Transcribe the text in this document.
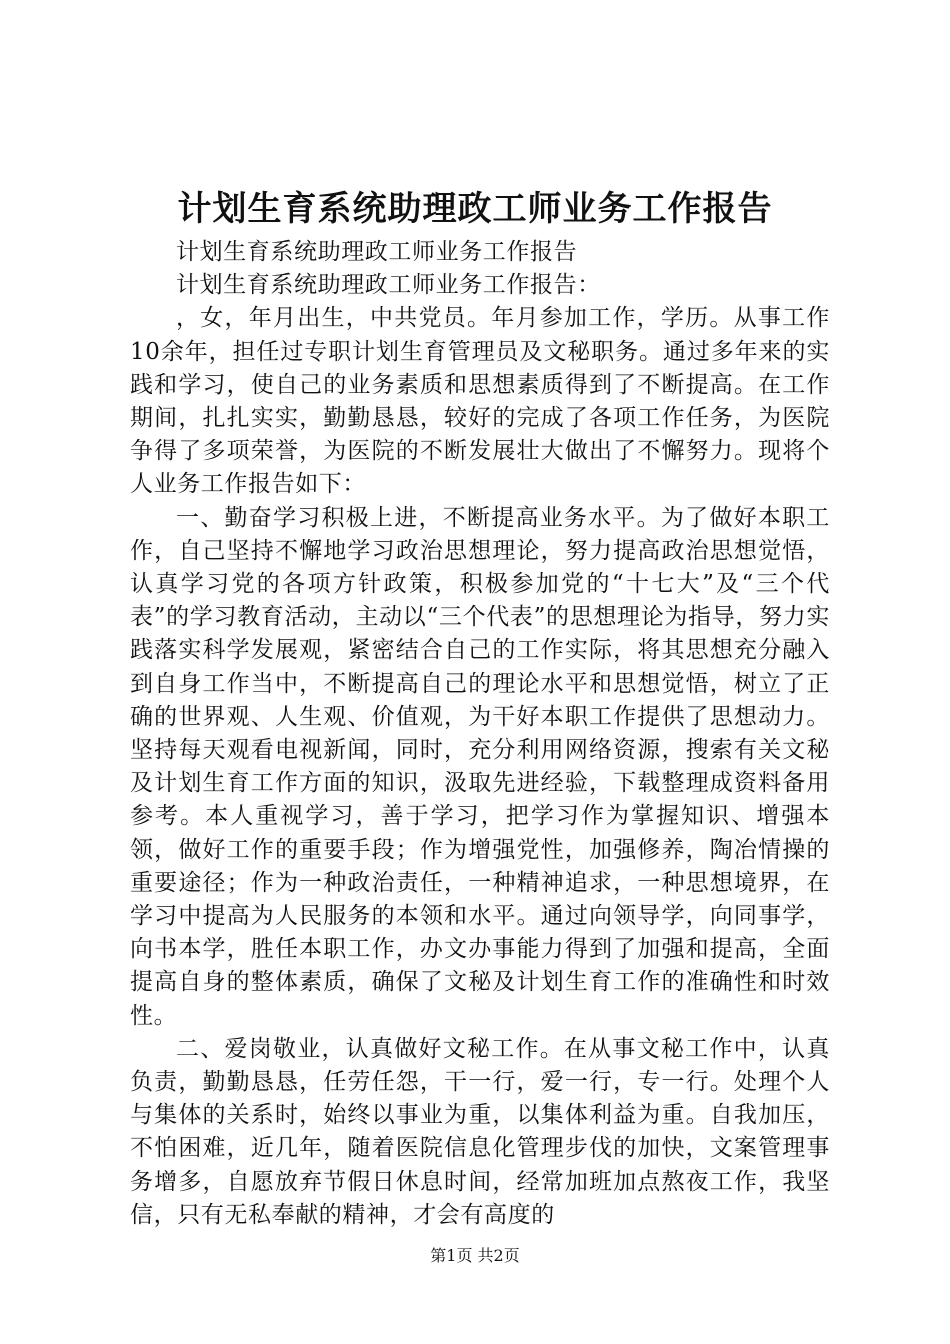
计划生育系统助理政工师业务工作报告

计划生育系统助理政工师业务工作报告

计划生育系统助理政工师业务工作报告：

，女，年月出生，中共党员。年月参加工作，学历。从事工作10余年，担任过专职计划生育管理员及文秘职务。通过多年来的实践和学习，使自己的业务素质和思想素质得到了不断提高。在工作期间，扎扎实实，勤勤恳恳，较好的完成了各项工作任务，为医院争得了多项荣誉，为医院的不断发展壮大做出了不懈努力。现将个人业务工作报告如下：

一、勤奋学习积极上进，不断提高业务水平。为了做好本职工作，自己坚持不懈地学习政治思想理论，努力提高政治思想觉悟，认真学习党的各项方针政策，积极参加党的“十七大”及“三个代表”的学习教育活动，主动以“三个代表”的思想理论为指导，努力实践落实科学发展观，紧密结合自己的工作实际，将其思想充分融入到自身工作当中，不断提高自己的理论水平和思想觉悟，树立了正确的世界观、人生观、价值观，为干好本职工作提供了思想动力。坚持每天观看电视新闻，同时，充分利用网络资源，搜索有关文秘及计划生育工作方面的知识，汲取先进经验，下载整理成资料备用参考。本人重视学习，善于学习，把学习作为掌握知识、增强本领，做好工作的重要手段；作为增强党性，加强修养，陶冶情操的重要途径；作为一种政治责任，一种精神追求，一种思想境界，在学习中提高为人民服务的本领和水平。通过向领导学，向同事学，向书本学，胜任本职工作，办文办事能力得到了加强和提高，全面提高自身的整体素质，确保了文秘及计划生育工作的准确性和时效性。

二、爱岗敬业，认真做好文秘工作。在从事文秘工作中，认真负责，勤勤恳恳，任劳任怨，干一行，爱一行，专一行。处理个人与集体的关系时，始终以事业为重，以集体利益为重。自我加压，不怕困难，近几年，随着医院信息化管理步伐的加快，文案管理事务增多，自愿放弃节假日休息时间，经常加班加点熬夜工作，我坚信，只有无私奉献的精神，才会有高度的

第1页 共2页
